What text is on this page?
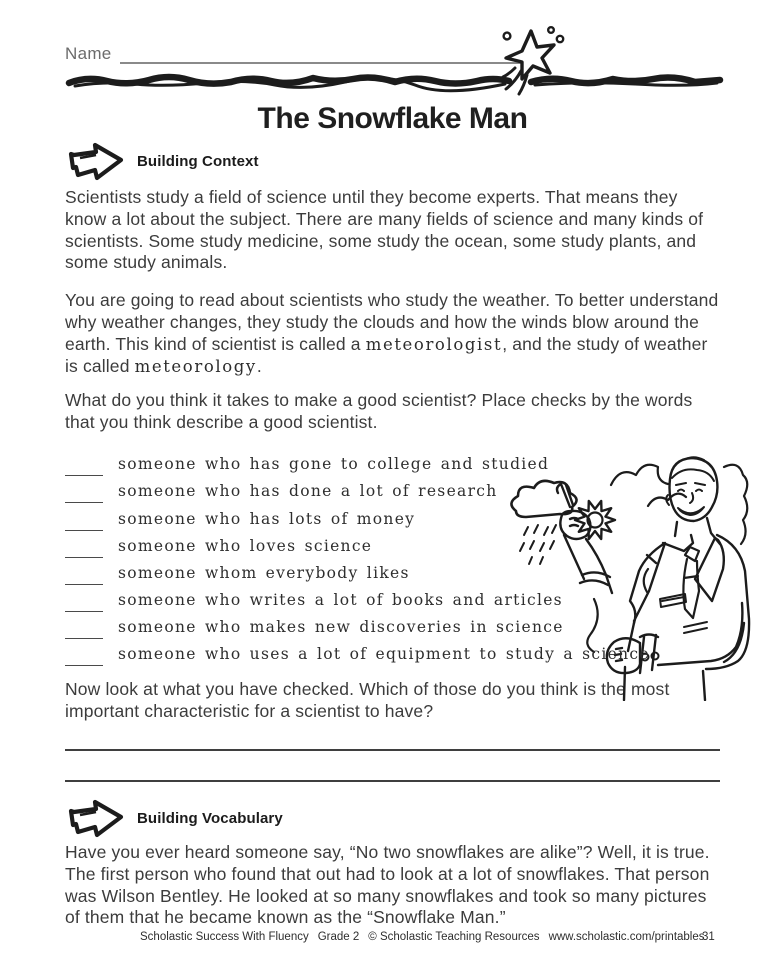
Name
The Snowflake Man
Building Context

Scientists study a field of science until they become experts. That means they know a lot about the subject. There are many fields of science and many kinds of scientists. Some study medicine, some study the ocean, some study plants, and some study animals.

You are going to read about scientists who study the weather. To better understand why weather changes, they study the clouds and how the winds blow around the earth. This kind of scientist is called a meteorologist, and the study of weather is called meteorology.

What do you think it takes to make a good scientist? Place checks by the words that you think describe a good scientist.

someone who has gone to college and studied
someone who has done a lot of research
someone who has lots of money
someone who loves science
someone whom everybody likes
someone who writes a lot of books and articles
someone who makes new discoveries in science
someone who uses a lot of equipment to study a science

Now look at what you have checked. Which of those do you think is the most important characteristic for a scientist to have?

Building Vocabulary

Have you ever heard someone say, “No two snowflakes are alike”? Well, it is true. The first person who found that out had to look at a lot of snowflakes. That person was Wilson Bentley. He looked at so many snowflakes and took so many pictures of them that he became known as the “Snowflake Man.”

Scholastic Success With Fluency Grade 2 © Scholastic Teaching Resources www.scholastic.com/printables
31
